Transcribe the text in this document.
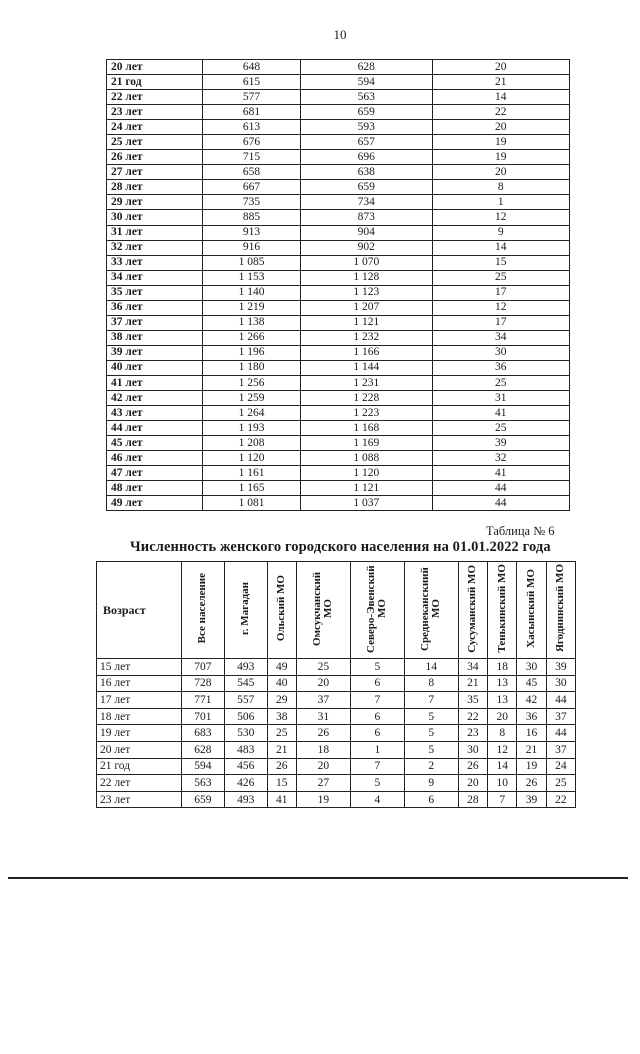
10
20 лет	648	628	20
21 год	615	594	21
22 лет	577	563	14
23 лет	681	659	22
24 лет	613	593	20
25 лет	676	657	19
26 лет	715	696	19
27 лет	658	638	20
28 лет	667	659	8
29 лет	735	734	1
30 лет	885	873	12
31 лет	913	904	9
32 лет	916	902	14
33 лет	1 085	1 070	15
34 лет	1 153	1 128	25
35 лет	1 140	1 123	17
36 лет	1 219	1 207	12
37 лет	1 138	1 121	17
38 лет	1 266	1 232	34
39 лет	1 196	1 166	30
40 лет	1 180	1 144	36
41 лет	1 256	1 231	25
42 лет	1 259	1 228	31
43 лет	1 264	1 223	41
44 лет	1 193	1 168	25
45 лет	1 208	1 169	39
46 лет	1 120	1 088	32
47 лет	1 161	1 120	41
48 лет	1 165	1 121	44
49 лет	1 081	1 037	44
Таблица № 6
Численность женского городского населения на 01.01.2022 года
Возраст	Все население	г. Магадан	Ольский МО	Омсукчанский МО	Северо-Эвенский МО	Среднеканскиий МО	Сусуманский МО	Тенькинский МО	Хасынский МО	Ягоднинский МО
15 лет	707	493	49	25	5	14	34	18	30	39
16 лет	728	545	40	20	6	8	21	13	45	30
17 лет	771	557	29	37	7	7	35	13	42	44
18 лет	701	506	38	31	6	5	22	20	36	37
19 лет	683	530	25	26	6	5	23	8	16	44
20 лет	628	483	21	18	1	5	30	12	21	37
21 год	594	456	26	20	7	2	26	14	19	24
22 лет	563	426	15	27	5	9	20	10	26	25
23 лет	659	493	41	19	4	6	28	7	39	22
